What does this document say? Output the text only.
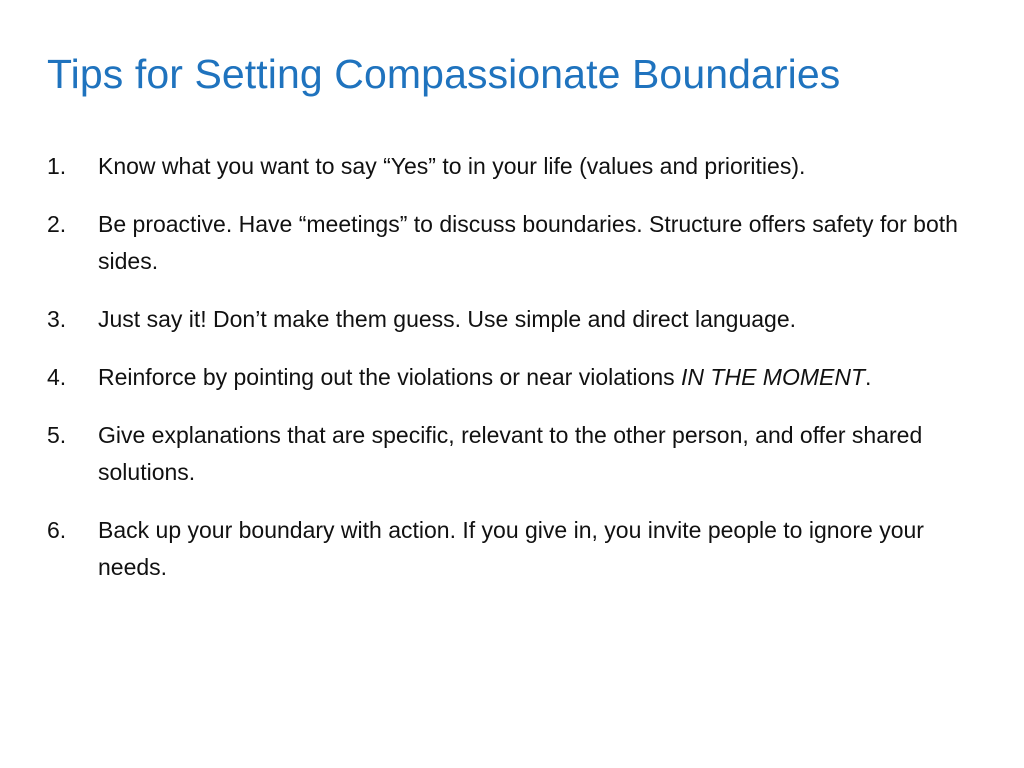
Tips for Setting Compassionate Boundaries
1. Know what you want to say “Yes” to in your life (values and priorities).
2. Be proactive. Have “meetings” to discuss boundaries. Structure offers safety for both sides.
3. Just say it! Don’t make them guess. Use simple and direct language.
4. Reinforce by pointing out the violations or near violations IN THE MOMENT.
5. Give explanations that are specific, relevant to the other person, and offer shared solutions.
6. Back up your boundary with action. If you give in, you invite people to ignore your needs.
